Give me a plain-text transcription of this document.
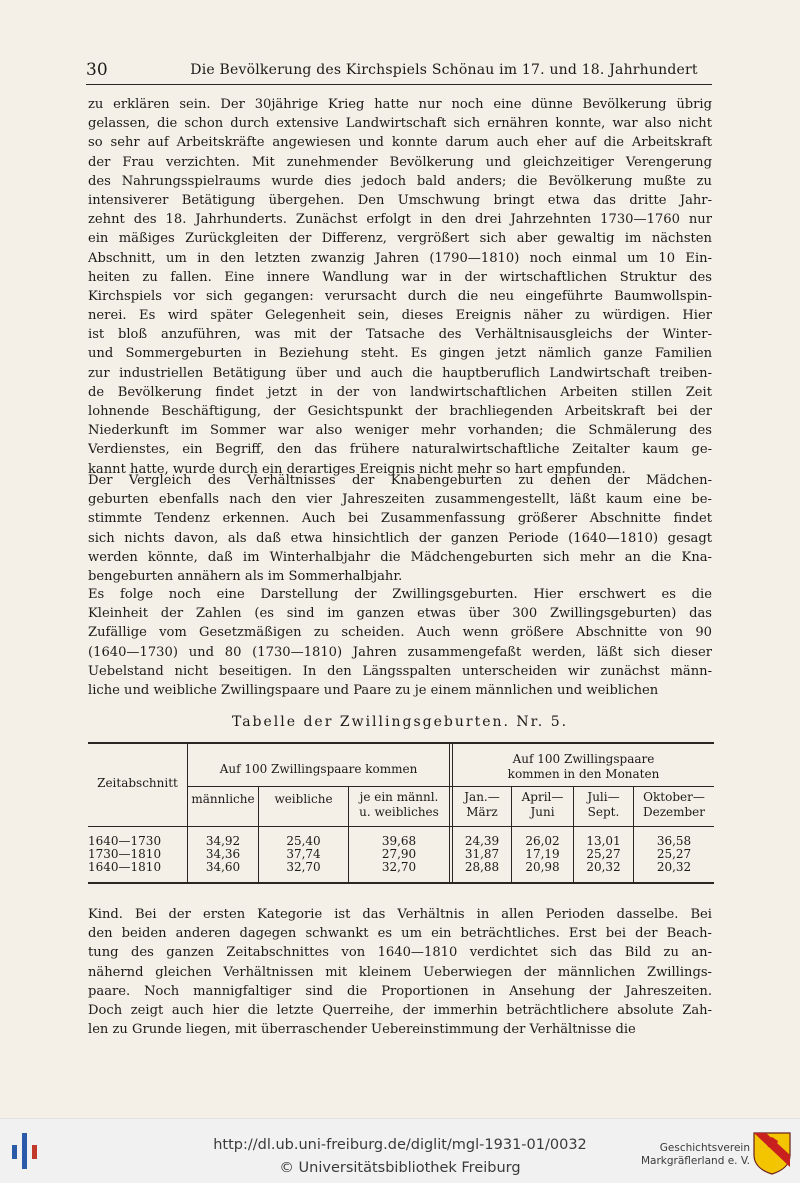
30	Die Bevölkerung des Kirchspiels Schönau im 17. und 18. Jahrhundert
zu erklären sein. Der 30jährige Krieg hatte nur noch eine dünne Bevölkerung übrig
gelassen, die schon durch extensive Landwirtschaft sich ernähren konnte, war also nicht
so sehr auf Arbeitskräfte angewiesen und konnte darum auch eher auf die Arbeitskraft
der Frau verzichten. Mit zunehmender Bevölkerung und gleichzeitiger Verengerung
des Nahrungsspielraums wurde dies jedoch bald anders; die Bevölkerung mußte zu
intensiverer Betätigung übergehen. Den Umschwung bringt etwa das dritte Jahr-
zehnt des 18. Jahrhunderts. Zunächst erfolgt in den drei Jahrzehnten 1730—1760 nur
ein mäßiges Zurückgleiten der Differenz, vergrößert sich aber gewaltig im nächsten
Abschnitt, um in den letzten zwanzig Jahren (1790—1810) noch einmal um 10 Ein-
heiten zu fallen. Eine innere Wandlung war in der wirtschaftlichen Struktur des
Kirchspiels vor sich gegangen: verursacht durch die neu eingeführte Baumwollspin-
nerei. Es wird später Gelegenheit sein, dieses Ereignis näher zu würdigen. Hier
ist bloß anzuführen, was mit der Tatsache des Verhältnisausgleichs der Winter-
und Sommergeburten in Beziehung steht. Es gingen jetzt nämlich ganze Familien
zur industriellen Betätigung über und auch die hauptberuflich Landwirtschaft treiben-
de Bevölkerung findet jetzt in der von landwirtschaftlichen Arbeiten stillen Zeit
lohnende Beschäftigung, der Gesichtspunkt der brachliegenden Arbeitskraft bei der
Niederkunft im Sommer war also weniger mehr vorhanden; die Schmälerung des
Verdienstes, ein Begriff, den das frühere naturalwirtschaftliche Zeitalter kaum ge-
kannt hatte, wurde durch ein derartiges Ereignis nicht mehr so hart empfunden.
Der Vergleich des Verhältnisses der Knabengeburten zu denen der Mädchen-
geburten ebenfalls nach den vier Jahreszeiten zusammengestellt, läßt kaum eine be-
stimmte Tendenz erkennen. Auch bei Zusammenfassung größerer Abschnitte findet
sich nichts davon, als daß etwa hinsichtlich der ganzen Periode (1640—1810) gesagt
werden könnte, daß im Winterhalbjahr die Mädchengeburten sich mehr an die Kna-
bengeburten annähern als im Sommerhalbjahr.
Es folge noch eine Darstellung der Zwillingsgeburten. Hier erschwert es die
Kleinheit der Zahlen (es sind im ganzen etwas über 300 Zwillingsgeburten) das
Zufällige vom Gesetzmäßigen zu scheiden. Auch wenn größere Abschnitte von 90
(1640—1730) und 80 (1730—1810) Jahren zusammengefaßt werden, läßt sich dieser
Uebelstand nicht beseitigen. In den Längsspalten unterscheiden wir zunächst männ-
liche und weibliche Zwillingspaare und Paare zu je einem männlichen und weiblichen
Tabelle der Zwillingsgeburten. Nr. 5.
Zeitabschnitt
Auf 100 Zwillingspaare kommen
Auf 100 Zwillingspaare
kommen in den Monaten
männliche	weibliche	je ein männl.
u. weibliches
Jan.—
März
April—
Juni
Juli—
Sept.
Oktober—
Dezember
1640—1730	34,92	25,40	39,68	24,39	26,02	13,01	36,58
1730—1810	34,36	37,74	27,90	31,87	17,19	25,27	25,27
1640—1810	34,60	32,70	32,70	28,88	20,98	20,32	20,32
Kind. Bei der ersten Kategorie ist das Verhältnis in allen Perioden dasselbe. Bei
den beiden anderen dagegen schwankt es um ein beträchtliches. Erst bei der Beach-
tung des ganzen Zeitabschnittes von 1640—1810 verdichtet sich das Bild zu an-
nähernd gleichen Verhältnissen mit kleinem Ueberwiegen der männlichen Zwillings-
paare. Noch mannigfaltiger sind die Proportionen in Ansehung der Jahreszeiten.
Doch zeigt auch hier die letzte Querreihe, der immerhin beträchtlichere absolute Zah-
len zu Grunde liegen, mit überraschender Uebereinstimmung der Verhältnisse die
http://dl.ub.uni-freiburg.de/diglit/mgl-1931-01/0032
© Universitätsbibliothek Freiburg
Geschichtsverein
Markgräflerland e. V.
